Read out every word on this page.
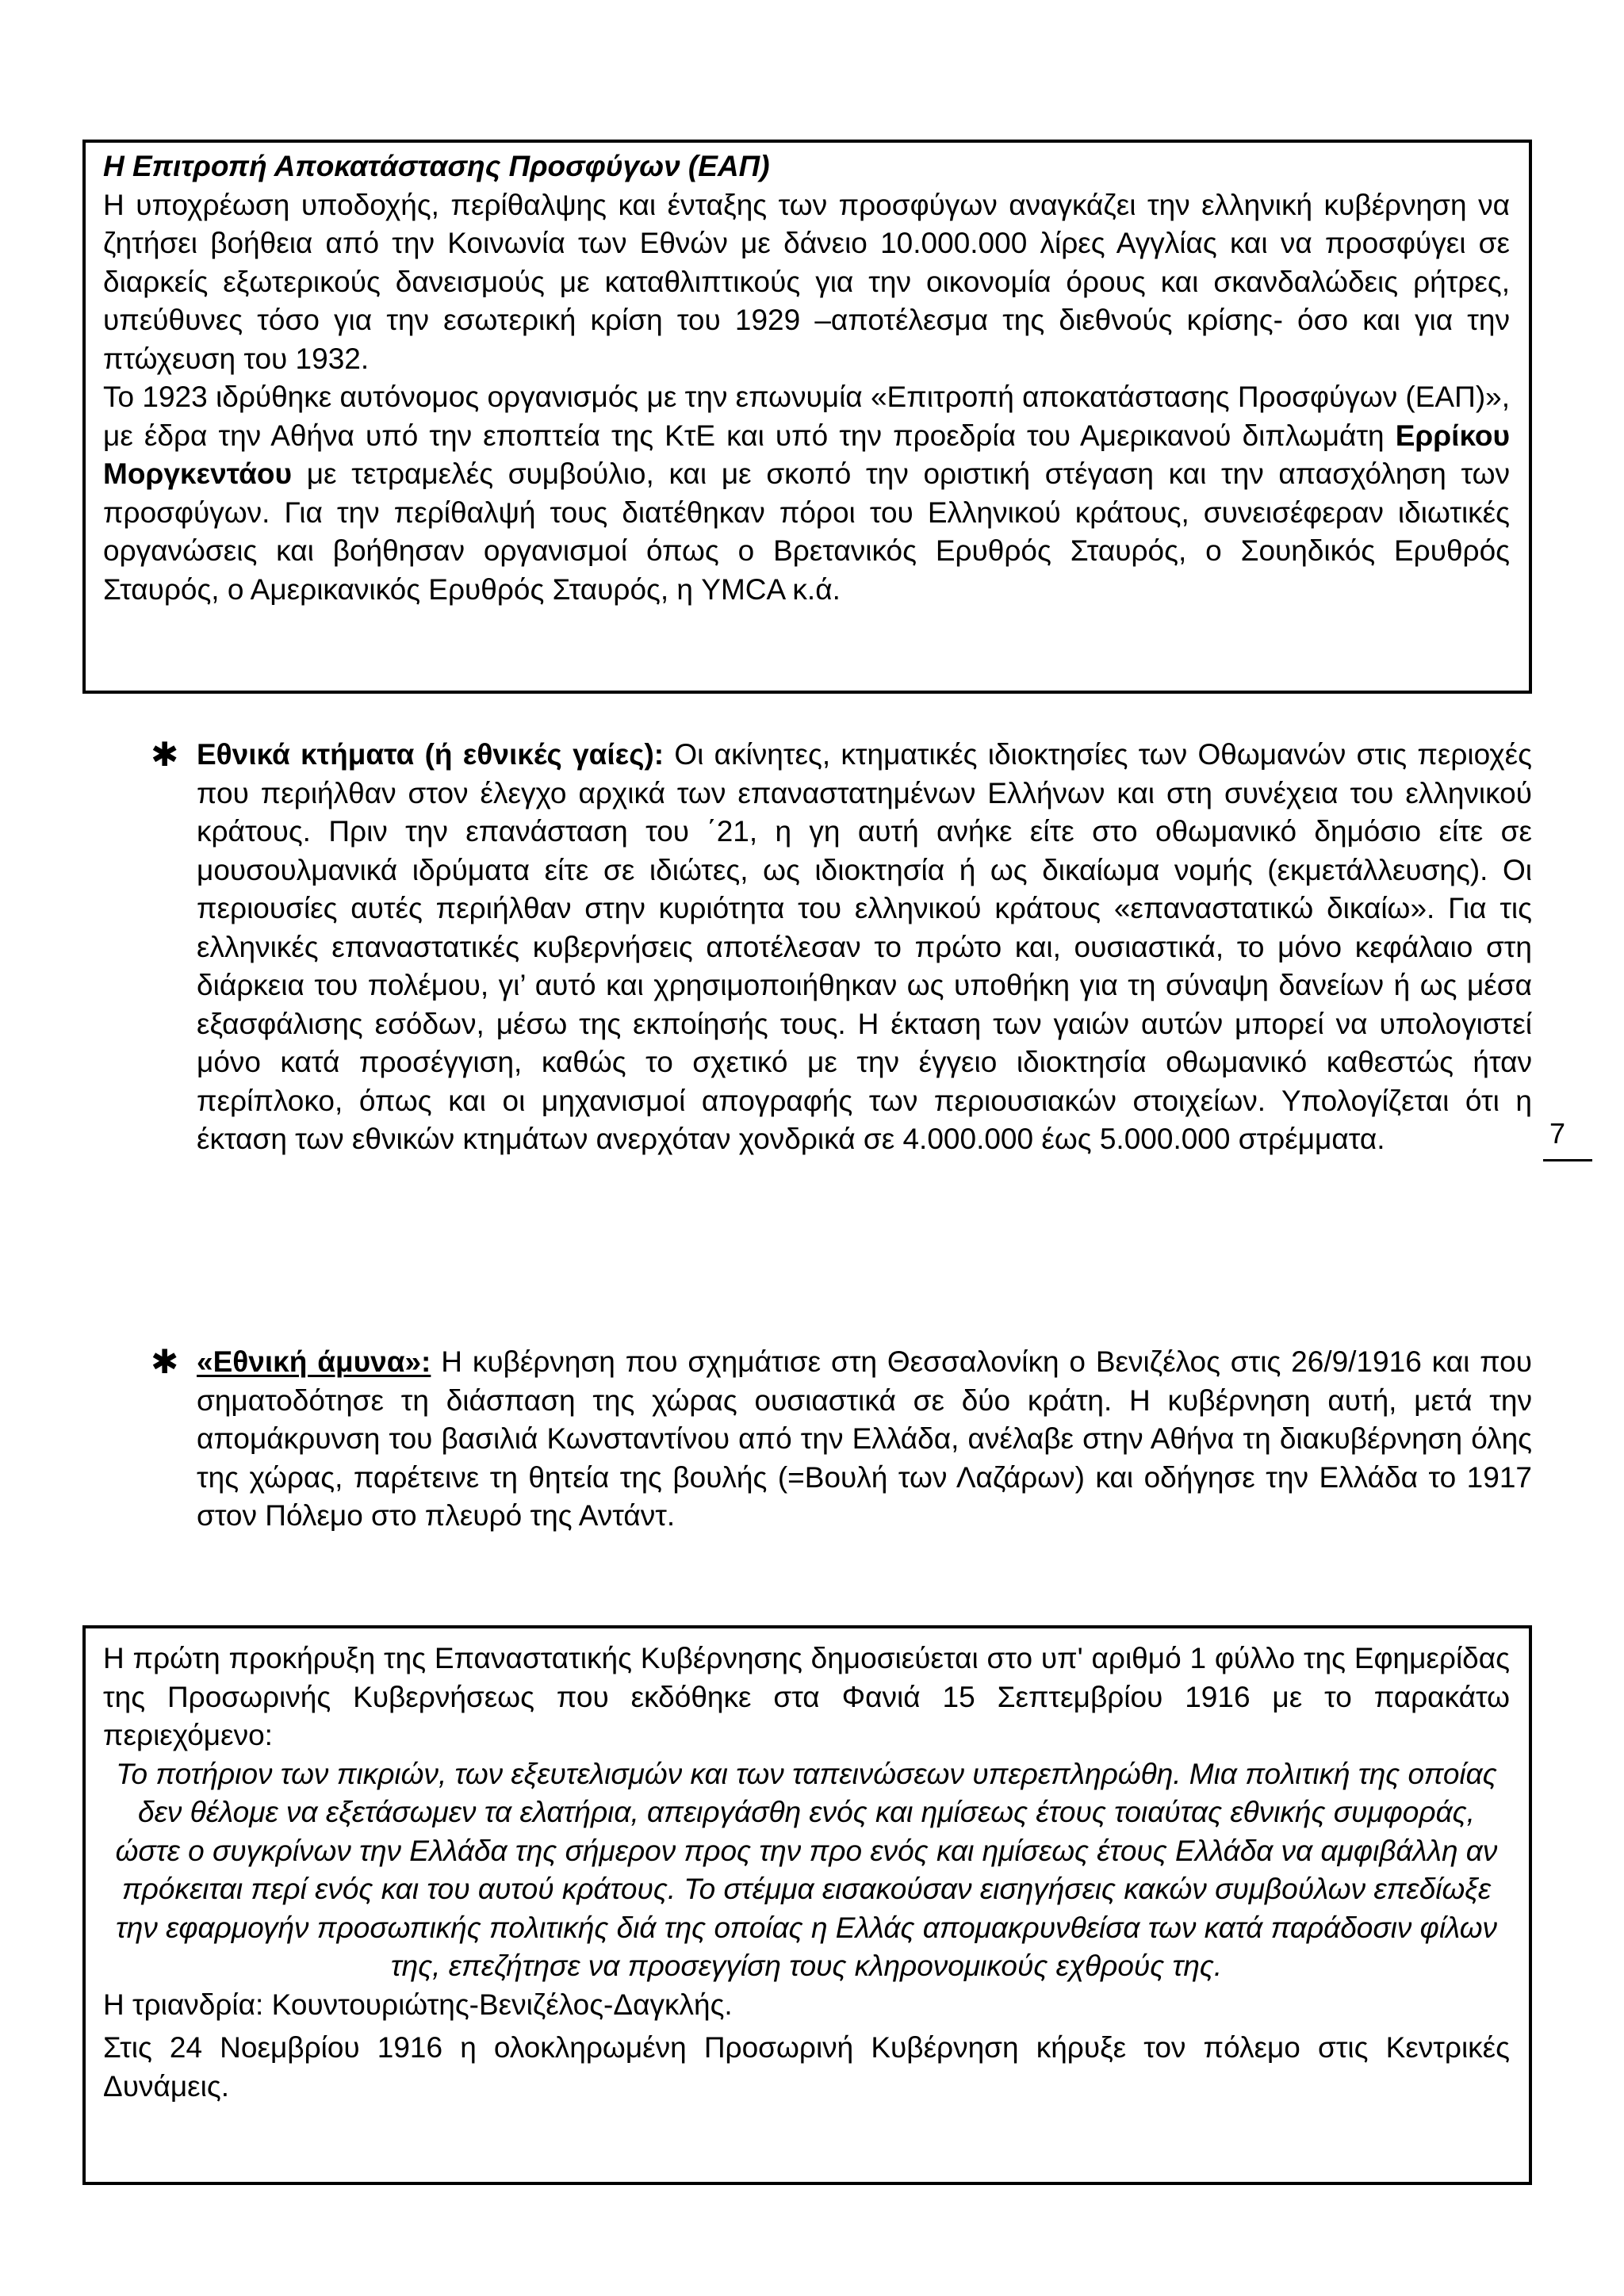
Η Επιτροπή Αποκατάστασης Προσφύγων (ΕΑΠ)
Η υποχρέωση υποδοχής, περίθαλψης και ένταξης των προσφύγων αναγκάζει την ελληνική κυβέρνηση να ζητήσει βοήθεια από την Κοινωνία των Εθνών με δάνειο 10.000.000 λίρες Αγγλίας και να προσφύγει σε διαρκείς εξωτερικούς δανεισμούς με καταθλιπτικούς για την οικονομία όρους και σκανδαλώδεις ρήτρες, υπεύθυνες τόσο για την εσωτερική κρίση του 1929 –αποτέλεσμα της διεθνούς κρίσης- όσο και για την πτώχευση του 1932.
Το 1923 ιδρύθηκε αυτόνομος οργανισμός με την επωνυμία «Επιτροπή αποκατάστασης Προσφύγων (ΕΑΠ)», με έδρα την Αθήνα υπό την εποπτεία της ΚτΕ και υπό την προεδρία του Αμερικανού διπλωμάτη Ερρίκου Μοργκεντάου με τετραμελές συμβούλιο, και με σκοπό την οριστική στέγαση και την απασχόληση των προσφύγων. Για την περίθαλψή τους διατέθηκαν πόροι του Ελληνικού κράτους, συνεισέφεραν ιδιωτικές οργανώσεις και βοήθησαν οργανισμοί όπως ο Βρετανικός Ερυθρός Σταυρός, ο Σουηδικός Ερυθρός Σταυρός, ο Αμερικανικός Ερυθρός Σταυρός, η YMCA κ.ά.
✱ Εθνικά κτήματα (ή εθνικές γαίες): Οι ακίνητες, κτηματικές ιδιοκτησίες των Οθωμανών στις περιοχές που περιήλθαν στον έλεγχο αρχικά των επαναστατημένων Ελλήνων και στη συνέχεια του ελληνικού κράτους. Πριν την επανάσταση του ΄21, η γη αυτή ανήκε είτε στο οθωμανικό δημόσιο είτε σε μουσουλμανικά ιδρύματα είτε σε ιδιώτες, ως ιδιοκτησία ή ως δικαίωμα νομής (εκμετάλλευσης). Οι περιουσίες αυτές περιήλθαν στην κυριότητα του ελληνικού κράτους «επαναστατικώ δικαίω». Για τις ελληνικές επαναστατικές κυβερνήσεις αποτέλεσαν το πρώτο και, ουσιαστικά, το μόνο κεφάλαιο στη διάρκεια του πολέμου, γι’ αυτό και χρησιμοποιήθηκαν ως υποθήκη για τη σύναψη δανείων ή ως μέσα εξασφάλισης εσόδων, μέσω της εκποίησής τους. Η έκταση των γαιών αυτών μπορεί να υπολογιστεί μόνο κατά προσέγγιση, καθώς το σχετικό με την έγγειο ιδιοκτησία οθωμανικό καθεστώς ήταν περίπλοκο, όπως και οι μηχανισμοί απογραφής των περιουσιακών στοιχείων. Υπολογίζεται ότι η έκταση των εθνικών κτημάτων ανερχόταν χονδρικά σε 4.000.000 έως 5.000.000 στρέμματα.
✱ «Εθνική άμυνα»: Η κυβέρνηση που σχημάτισε στη Θεσσαλονίκη ο Βενιζέλος στις 26/9/1916 και που σηματοδότησε τη διάσπαση της χώρας ουσιαστικά σε δύο κράτη. Η κυβέρνηση αυτή, μετά την απομάκρυνση του βασιλιά Κωνσταντίνου από την Ελλάδα, ανέλαβε στην Αθήνα τη διακυβέρνηση όλης της χώρας, παρέτεινε τη θητεία της βουλής (=Βουλή των Λαζάρων) και οδήγησε την Ελλάδα το 1917 στον Πόλεμο στο πλευρό της Αντάντ.
7
Η πρώτη προκήρυξη της Επαναστατικής Κυβέρνησης δημοσιεύεται στο υπ' αριθμό 1 φύλλο της Εφημερίδας της Προσωρινής Κυβερνήσεως που εκδόθηκε στα Φανιά 15 Σεπτεμβρίου 1916 με το παρακάτω περιεχόμενο:
Το ποτήριον των πικριών, των εξευτελισμών και των ταπεινώσεων υπερεπληρώθη. Μια πολιτική της οποίας δεν θέλομε να εξετάσωμεν τα ελατήρια, απειργάσθη ενός και ημίσεως έτους τοιαύτας εθνικής συμφοράς, ώστε ο συγκρίνων την Ελλάδα της σήμερον προς την προ ενός και ημίσεως έτους Ελλάδα να αμφιβάλλη αν πρόκειται περί ενός και του αυτού κράτους. Το στέμμα εισακούσαν εισηγήσεις κακών συμβούλων επεδίωξε την εφαρμογήν προσωπικής πολιτικής διά της οποίας η Ελλάς απομακρυνθείσα των κατά παράδοσιν φίλων της, επεζήτησε να προσεγγίση τους κληρονομικούς εχθρούς της.
Η τριανδρία: Κουντουριώτης-Βενιζέλος-Δαγκλής.
Στις 24 Νοεμβρίου 1916 η ολοκληρωμένη Προσωρινή Κυβέρνηση κήρυξε τον πόλεμο στις Κεντρικές Δυνάμεις.
